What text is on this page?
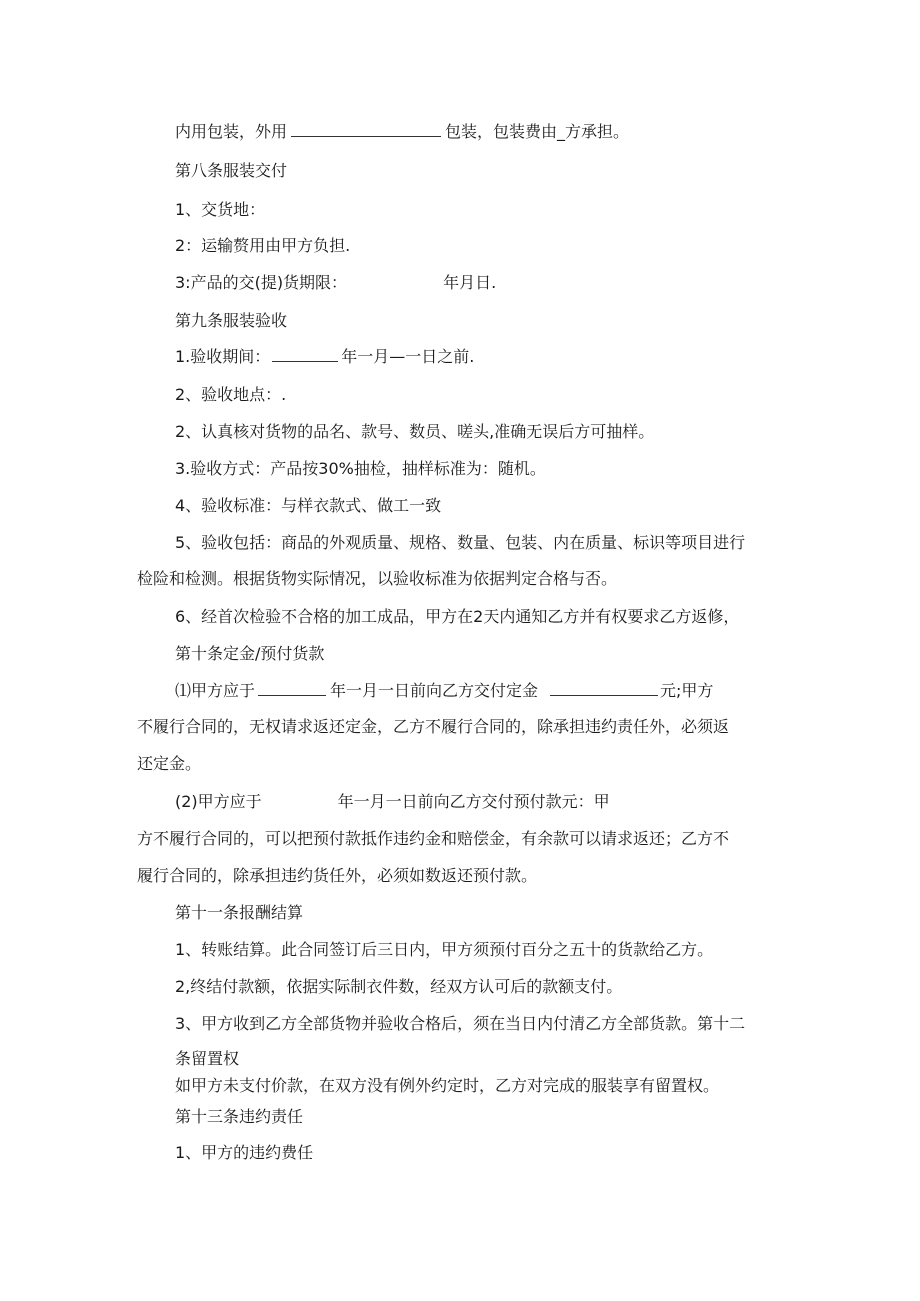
内用包装，外用	包装，包装费由_方承担。
第八条服装交付
1、交货地：
2：运输赘用由甲方负担.
3:产品的交(提)货期限：	年月日.
第九条服装验收
1.验收期间：	年一月—一日之前.
2、验收地点：.
2、认真核对货物的品名、款号、数员、嗟头,准确无误后方可抽样。
3.验收方式：产品按30%抽检，抽样标准为：随机。
4、验收标准：与样衣款式、做工一致
5、验收包括：商品的外观质量、规格、数量、包装、内在质量、标识等项目进行
检险和检测。根据货物实际情况，以验收标准为依据判定合格与否。
6、经首次检验不合格的加工成品，甲方在2天内通知乙方并有权要求乙方返修，
第十条定金/预付货款
⑴甲方应于	年一月一日前向乙方交付定金	元;甲方
不履行合同的，无权请求返还定金，乙方不履行合同的，除承担违约责任外，必须返
还定金。
(2)甲方应于	年一月一日前向乙方交付预付款元：甲
方不履行合同的，可以把预付款抵作违约金和赔偿金，有余款可以请求返还；乙方不
履行合同的，除承担违约货任外，必须如数返还预付款。
第十一条报酬结算
1、转账结算。此合同签订后三日内，甲方须预付百分之五十的货款给乙方。
2,终结付款额，依据实际制衣件数，经双方认可后的款额支付。
3、甲方收到乙方全部货物并验收合格后，须在当日内付清乙方全部货款。第十二
条留置权
如甲方未支付价款，在双方没有例外约定时，乙方对完成的服装享有留置权。
第十三条违约责任
1、甲方的违约费任
